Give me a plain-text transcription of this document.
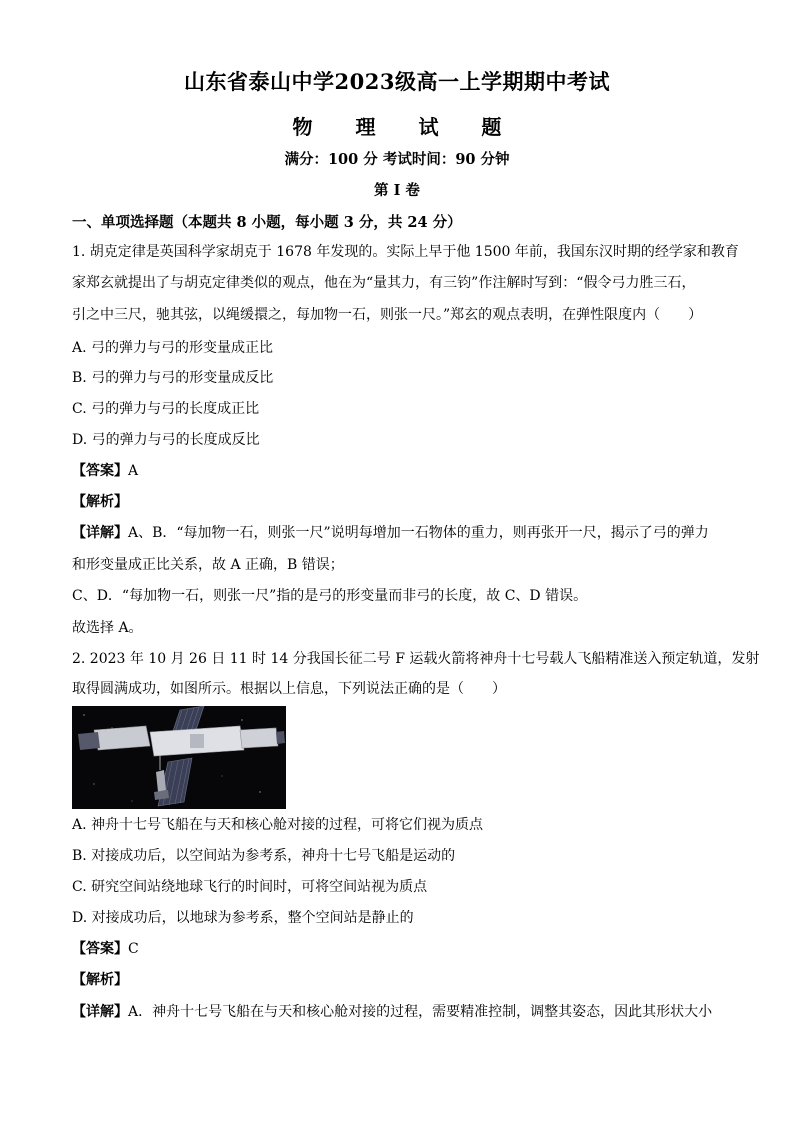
山东省泰山中学2023级高一上学期期中考试
物 理 试 题
满分：100 分 考试时间：90 分钟
第 I 卷
一、单项选择题（本题共 8 小题，每小题 3 分，共 24 分）
1. 胡克定律是英国科学家胡克于 1678 年发现的。实际上早于他 1500 年前，我国东汉时期的经学家和教育
家郑玄就提出了与胡克定律类似的观点，他在为“量其力，有三钧”作注解时写到：“假令弓力胜三石，
引之中三尺，驰其弦，以绳缓擐之，每加物一石，则张一尺。”郑玄的观点表明，在弹性限度内（　　）
A. 弓的弹力与弓的形变量成正比
B. 弓的弹力与弓的形变量成反比
C. 弓的弹力与弓的长度成正比
D. 弓的弹力与弓的长度成反比
【答案】A
【解析】
【详解】A、B．“每加物一石，则张一尺”说明每增加一石物体的重力，则再张开一尺，揭示了弓的弹力
和形变量成正比关系，故 A 正确，B 错误；
C、D．“每加物一石，则张一尺”指的是弓的形变量而非弓的长度，故 C、D 错误。
故选择 A。
2. 2023 年 10 月 26 日 11 时 14 分我国长征二号 F 运载火箭将神舟十七号载人飞船精准送入预定轨道，发射
取得圆满成功，如图所示。根据以上信息，下列说法正确的是（　　）
A. 神舟十七号飞船在与天和核心舱对接的过程，可将它们视为质点
B. 对接成功后，以空间站为参考系，神舟十七号飞船是运动的
C. 研究空间站绕地球飞行的时间时，可将空间站视为质点
D. 对接成功后，以地球为参考系，整个空间站是静止的
【答案】C
【解析】
【详解】A．神舟十七号飞船在与天和核心舱对接的过程，需要精准控制，调整其姿态，因此其形状大小
